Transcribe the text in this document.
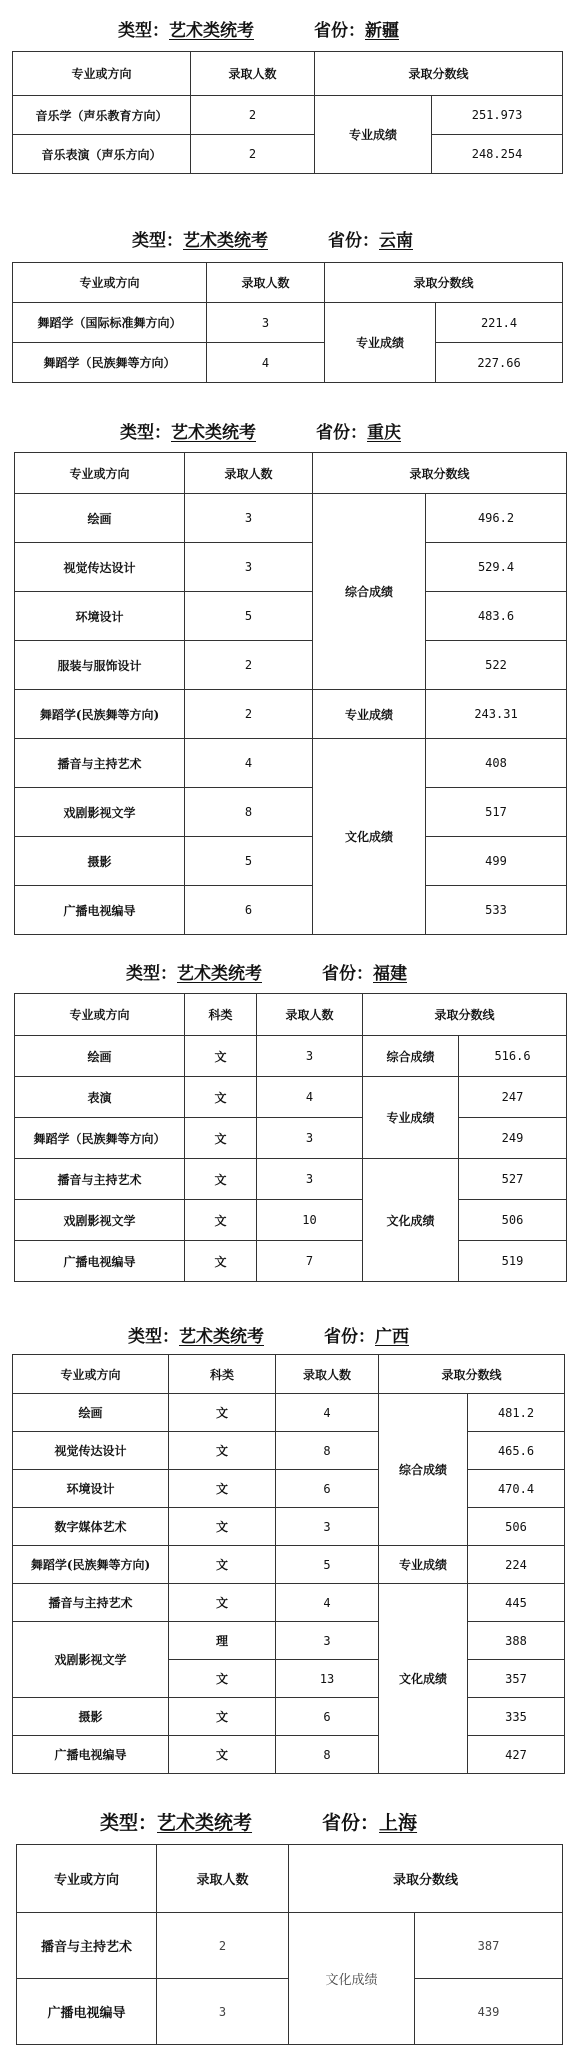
类型：艺术类统考	省份：新疆
专业或方向	录取人数	录取分数线	
音乐学（声乐教育方向）	2	专业成绩	251.973
音乐表演（声乐方向）	2		248.254
类型：艺术类统考	省份：云南
专业或方向	录取人数	录取分数线	
舞蹈学（国际标准舞方向）	3	专业成绩	221.4
舞蹈学（民族舞等方向）	4		227.66
类型：艺术类统考	省份：重庆
专业或方向	录取人数	录取分数线	
绘画	3	综合成绩	496.2
视觉传达设计	3		529.4
环境设计	5		483.6
服装与服饰设计	2		522
舞蹈学(民族舞等方向)	2	专业成绩	243.31
播音与主持艺术	4	文化成绩	408
戏剧影视文学	8		517
摄影	5		499
广播电视编导	6		533
类型：艺术类统考	省份：福建
专业或方向	科类	录取人数	录取分数线	
绘画	文	3	综合成绩	516.6
表演	文	4	专业成绩	247
舞蹈学（民族舞等方向）	文	3		249
播音与主持艺术	文	3	文化成绩	527
戏剧影视文学	文	10		506
广播电视编导	文	7		519
类型：艺术类统考	省份：广西
专业或方向	科类	录取人数	录取分数线	
绘画	文	4	综合成绩	481.2
视觉传达设计	文	8		465.6
环境设计	文	6		470.4
数字媒体艺术	文	3		506
舞蹈学(民族舞等方向)	文	5	专业成绩	224
播音与主持艺术	文	4	文化成绩	445
戏剧影视文学	理	3		388
	文	13		357
摄影	文	6		335
广播电视编导	文	8		427
类型：艺术类统考	省份：上海
专业或方向	录取人数	录取分数线	
播音与主持艺术	2	文化成绩	387
广播电视编导	3		439
